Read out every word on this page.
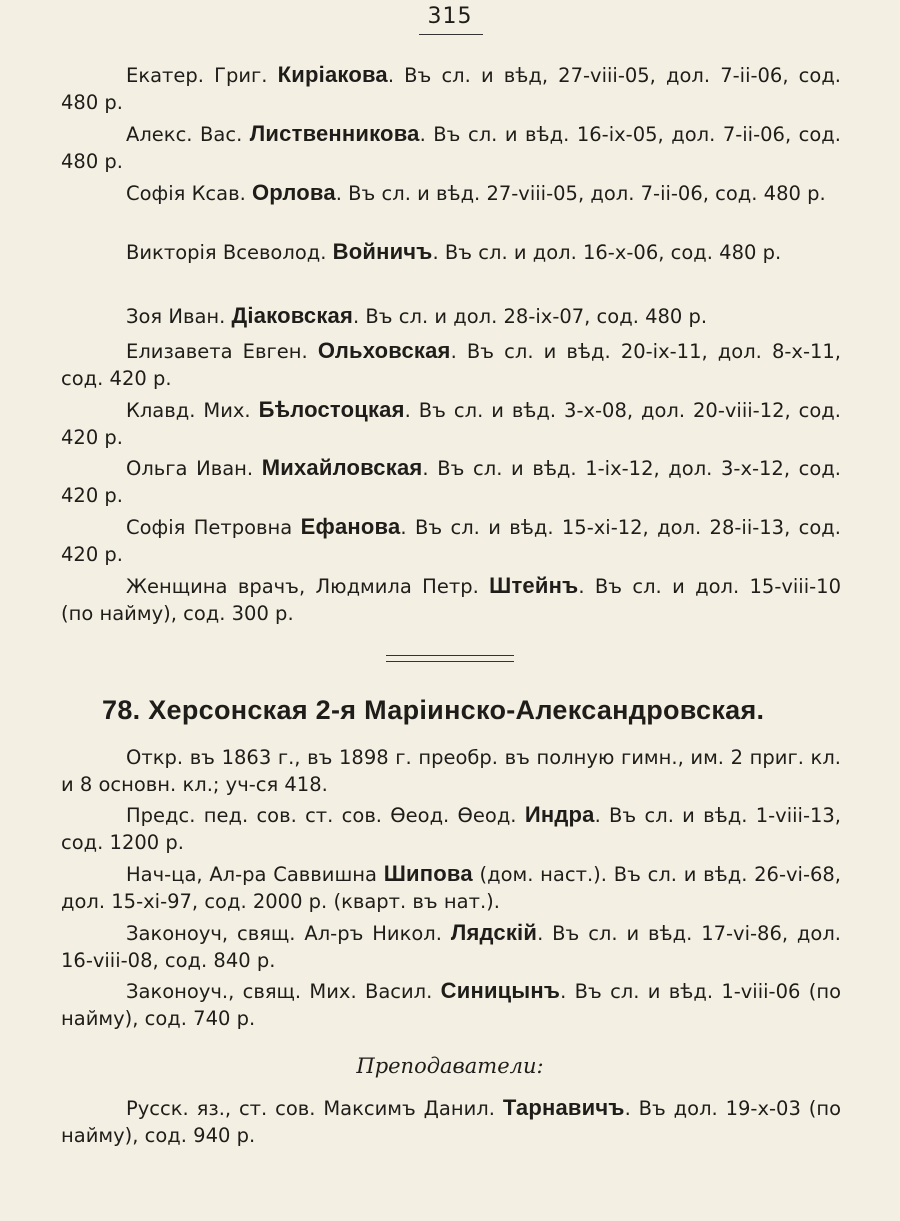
315
Екатер. Григ. Киріакова. Въ сл. и вѣд, 27-vііі-05, дол. 7-іі-06, сод. 480 р.
Алекс. Вас. Лиственникова. Въ сл. и вѣд. 16-іх-05, дол. 7-іі-06, сод. 480 р.
Софія Ксав. Орлова. Въ сл. и вѣд. 27-vііі-05, дол. 7-іі-06, сод. 480 р.
Викторія Всеволод. Войничъ. Въ сл. и дол. 16-х-06, сод. 480 р.
Зоя Иван. Діаковская. Въ сл. и дол. 28-іх-07, сод. 480 р.
Елизавета Евген. Ольховская. Въ сл. и вѣд. 20-іх-11, дол. 8-х-11, сод. 420 р.
Клавд. Мих. Бѣлостоцкая. Въ сл. и вѣд. 3-х-08, дол. 20-vііі-12, сод. 420 р.
Ольга Иван. Михайловская. Въ сл. и вѣд. 1-іх-12, дол. 3-х-12, сод. 420 р.
Софія Петровна Ефанова. Въ сл. и вѣд. 15-хі-12, дол. 28-іі-13, сод. 420 р.
Женщина врачъ, Людмила Петр. Штейнъ. Въ сл. и дол. 15-vііі-10 (по найму), сод. 300 р.
78. Херсонская 2-я Маріинско-Александровская.
Откр. въ 1863 г., въ 1898 г. преобр. въ полную гимн., им. 2 приг. кл. и 8 основн. кл.; уч-ся 418.
Предс. пед. сов. ст. сов. Ѳеод. Ѳеод. Индра. Въ сл. и вѣд. 1-vііі-13, сод. 1200 р.
Нач-ца, Ал-ра Саввишна Шипова (дом. наст.). Въ сл. и вѣд. 26-vі-68, дол. 15-хі-97, сод. 2000 р. (кварт. въ нат.).
Законоуч, свящ. Ал-ръ Никол. Лядскій. Въ сл. и вѣд. 17-vі-86, дол. 16-vііі-08, сод. 840 р.
Законоуч., свящ. Мих. Васил. Синицынъ. Въ сл. и вѣд. 1-vііі-06 (по найму), сод. 740 р.
Преподаватели:
Русск. яз., ст. сов. Максимъ Данил. Тарнавичъ. Въ дол. 19-х-03 (по найму), сод. 940 р.
